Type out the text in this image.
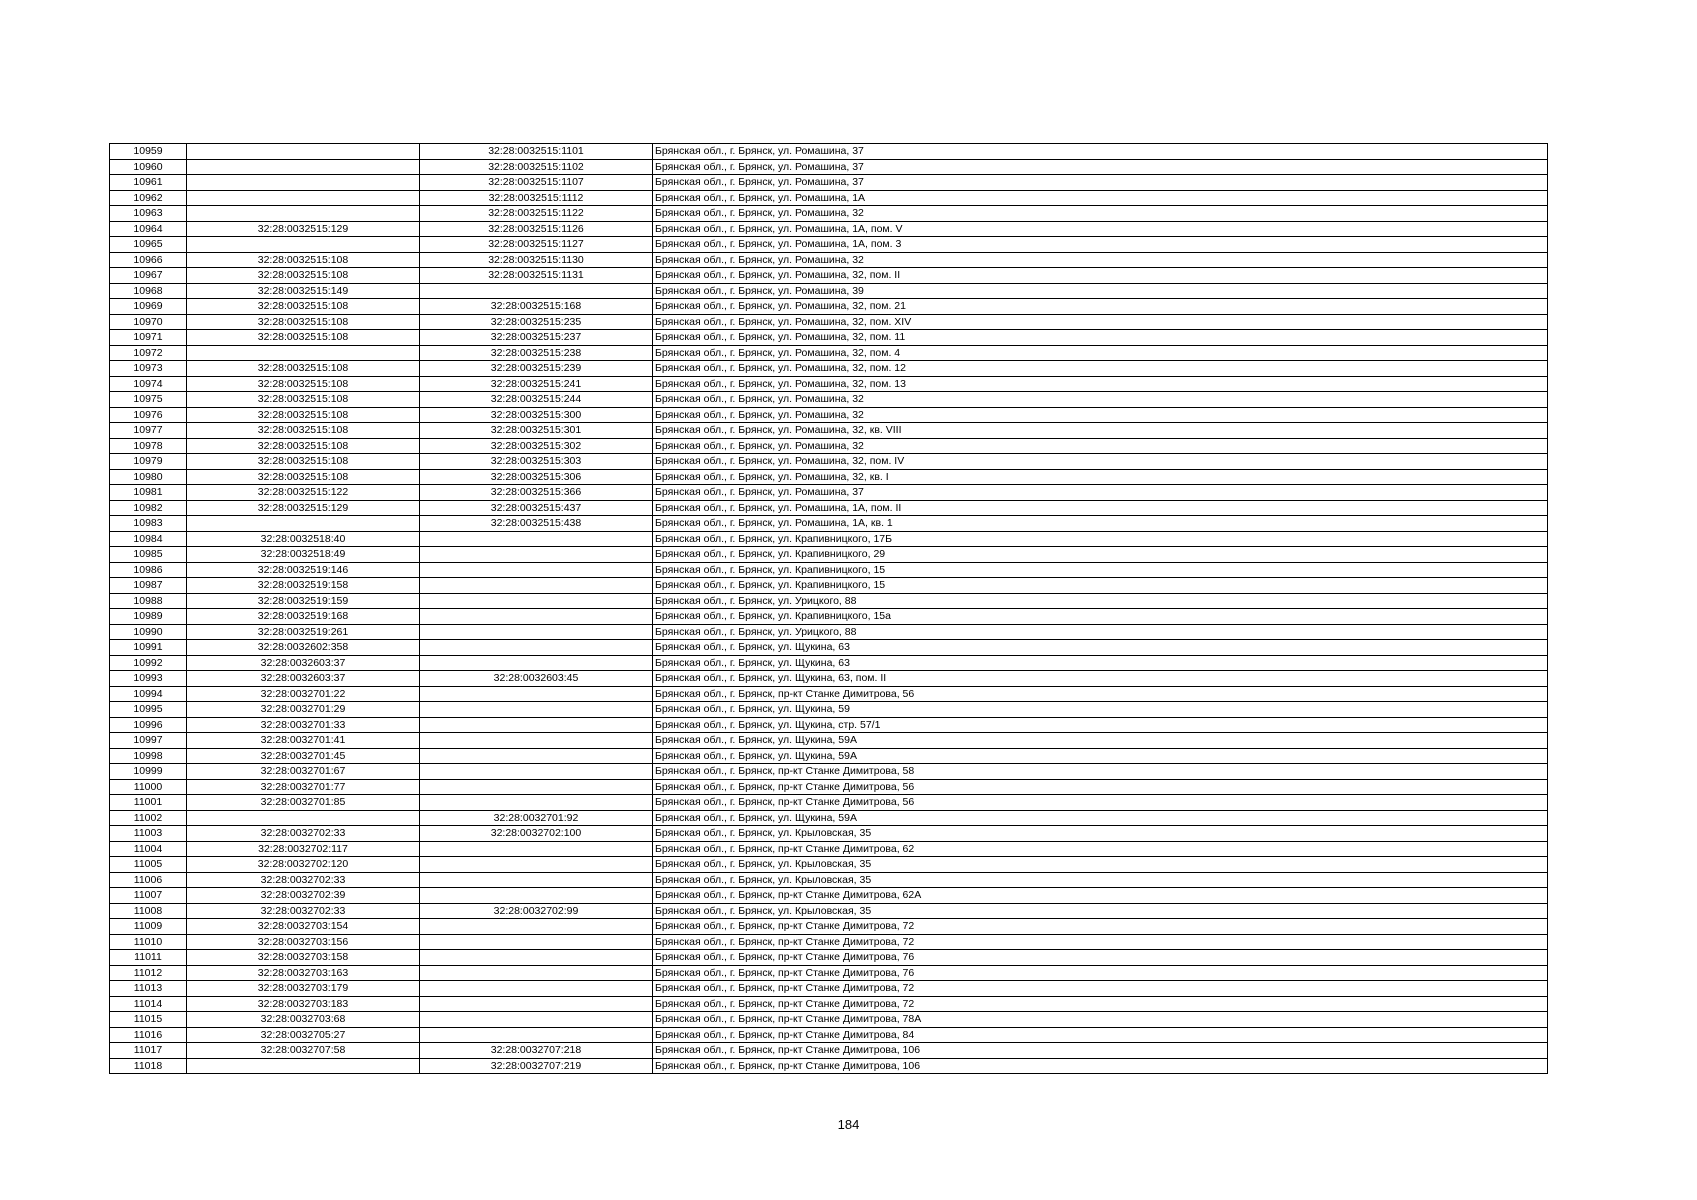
10959		32:28:0032515:1101	Брянская обл., г. Брянск, ул. Ромашина, 37
10960		32:28:0032515:1102	Брянская обл., г. Брянск, ул. Ромашина, 37
10961		32:28:0032515:1107	Брянская обл., г. Брянск, ул. Ромашина, 37
10962		32:28:0032515:1112	Брянская обл., г. Брянск, ул. Ромашина, 1А
10963		32:28:0032515:1122	Брянская обл., г. Брянск, ул. Ромашина, 32
10964	32:28:0032515:129	32:28:0032515:1126	Брянская обл., г. Брянск, ул. Ромашина, 1А, пом. V
10965		32:28:0032515:1127	Брянская обл., г. Брянск, ул. Ромашина, 1А, пом. 3
10966	32:28:0032515:108	32:28:0032515:1130	Брянская обл., г. Брянск, ул. Ромашина, 32
10967	32:28:0032515:108	32:28:0032515:1131	Брянская обл., г. Брянск, ул. Ромашина, 32, пом. II
10968	32:28:0032515:149		Брянская обл., г. Брянск, ул. Ромашина, 39
10969	32:28:0032515:108	32:28:0032515:168	Брянская обл., г. Брянск, ул. Ромашина, 32, пом. 21
10970	32:28:0032515:108	32:28:0032515:235	Брянская обл., г. Брянск, ул. Ромашина, 32, пом. XIV
10971	32:28:0032515:108	32:28:0032515:237	Брянская обл., г. Брянск, ул. Ромашина, 32, пом. 11
10972		32:28:0032515:238	Брянская обл., г. Брянск, ул. Ромашина, 32, пом. 4
10973	32:28:0032515:108	32:28:0032515:239	Брянская обл., г. Брянск, ул. Ромашина, 32, пом. 12
10974	32:28:0032515:108	32:28:0032515:241	Брянская обл., г. Брянск, ул. Ромашина, 32, пом. 13
10975	32:28:0032515:108	32:28:0032515:244	Брянская обл., г. Брянск, ул. Ромашина, 32
10976	32:28:0032515:108	32:28:0032515:300	Брянская обл., г. Брянск, ул. Ромашина, 32
10977	32:28:0032515:108	32:28:0032515:301	Брянская обл., г. Брянск, ул. Ромашина, 32, кв. VIII
10978	32:28:0032515:108	32:28:0032515:302	Брянская обл., г. Брянск, ул. Ромашина, 32
10979	32:28:0032515:108	32:28:0032515:303	Брянская обл., г. Брянск, ул. Ромашина, 32, пом. IV
10980	32:28:0032515:108	32:28:0032515:306	Брянская обл., г. Брянск, ул. Ромашина, 32, кв. I
10981	32:28:0032515:122	32:28:0032515:366	Брянская обл., г. Брянск, ул. Ромашина, 37
10982	32:28:0032515:129	32:28:0032515:437	Брянская обл., г. Брянск, ул. Ромашина, 1А, пом. II
10983		32:28:0032515:438	Брянская обл., г. Брянск, ул. Ромашина, 1А, кв. 1
10984	32:28:0032518:40		Брянская обл., г. Брянск, ул. Крапивницкого, 17Б
10985	32:28:0032518:49		Брянская обл., г. Брянск, ул. Крапивницкого, 29
10986	32:28:0032519:146		Брянская обл., г. Брянск, ул. Крапивницкого, 15
10987	32:28:0032519:158		Брянская обл., г. Брянск, ул. Крапивницкого, 15
10988	32:28:0032519:159		Брянская обл., г. Брянск, ул. Урицкого, 88
10989	32:28:0032519:168		Брянская обл., г. Брянск, ул. Крапивницкого, 15а
10990	32:28:0032519:261		Брянская обл., г. Брянск, ул. Урицкого, 88
10991	32:28:0032602:358		Брянская обл., г. Брянск, ул. Щукина, 63
10992	32:28:0032603:37		Брянская обл., г. Брянск, ул. Щукина, 63
10993	32:28:0032603:37	32:28:0032603:45	Брянская обл., г. Брянск, ул. Щукина, 63, пом. II
10994	32:28:0032701:22		Брянская обл., г. Брянск, пр-кт Станке Димитрова, 56
10995	32:28:0032701:29		Брянская обл., г. Брянск, ул. Щукина, 59
10996	32:28:0032701:33		Брянская обл., г. Брянск, ул. Щукина, стр. 57/1
10997	32:28:0032701:41		Брянская обл., г. Брянск, ул. Щукина, 59А
10998	32:28:0032701:45		Брянская обл., г. Брянск, ул. Щукина, 59А
10999	32:28:0032701:67		Брянская обл., г. Брянск, пр-кт Станке Димитрова, 58
11000	32:28:0032701:77		Брянская обл., г. Брянск, пр-кт Станке Димитрова, 56
11001	32:28:0032701:85		Брянская обл., г. Брянск, пр-кт Станке Димитрова, 56
11002		32:28:0032701:92	Брянская обл., г. Брянск, ул. Щукина, 59А
11003	32:28:0032702:33	32:28:0032702:100	Брянская обл., г. Брянск, ул. Крыловская, 35
11004	32:28:0032702:117		Брянская обл., г. Брянск, пр-кт Станке Димитрова, 62
11005	32:28:0032702:120		Брянская обл., г. Брянск, ул. Крыловская, 35
11006	32:28:0032702:33		Брянская обл., г. Брянск, ул. Крыловская, 35
11007	32:28:0032702:39		Брянская обл., г. Брянск, пр-кт Станке Димитрова, 62А
11008	32:28:0032702:33	32:28:0032702:99	Брянская обл., г. Брянск, ул. Крыловская, 35
11009	32:28:0032703:154		Брянская обл., г. Брянск, пр-кт Станке Димитрова, 72
11010	32:28:0032703:156		Брянская обл., г. Брянск, пр-кт Станке Димитрова, 72
11011	32:28:0032703:158		Брянская обл., г. Брянск, пр-кт Станке Димитрова, 76
11012	32:28:0032703:163		Брянская обл., г. Брянск, пр-кт Станке Димитрова, 76
11013	32:28:0032703:179		Брянская обл., г. Брянск, пр-кт Станке Димитрова, 72
11014	32:28:0032703:183		Брянская обл., г. Брянск, пр-кт Станке Димитрова, 72
11015	32:28:0032703:68		Брянская обл., г. Брянск, пр-кт Станке Димитрова, 78А
11016	32:28:0032705:27		Брянская обл., г. Брянск, пр-кт Станке Димитрова, 84
11017	32:28:0032707:58	32:28:0032707:218	Брянская обл., г. Брянск, пр-кт Станке Димитрова, 106
11018		32:28:0032707:219	Брянская обл., г. Брянск, пр-кт Станке Димитрова, 106
184
